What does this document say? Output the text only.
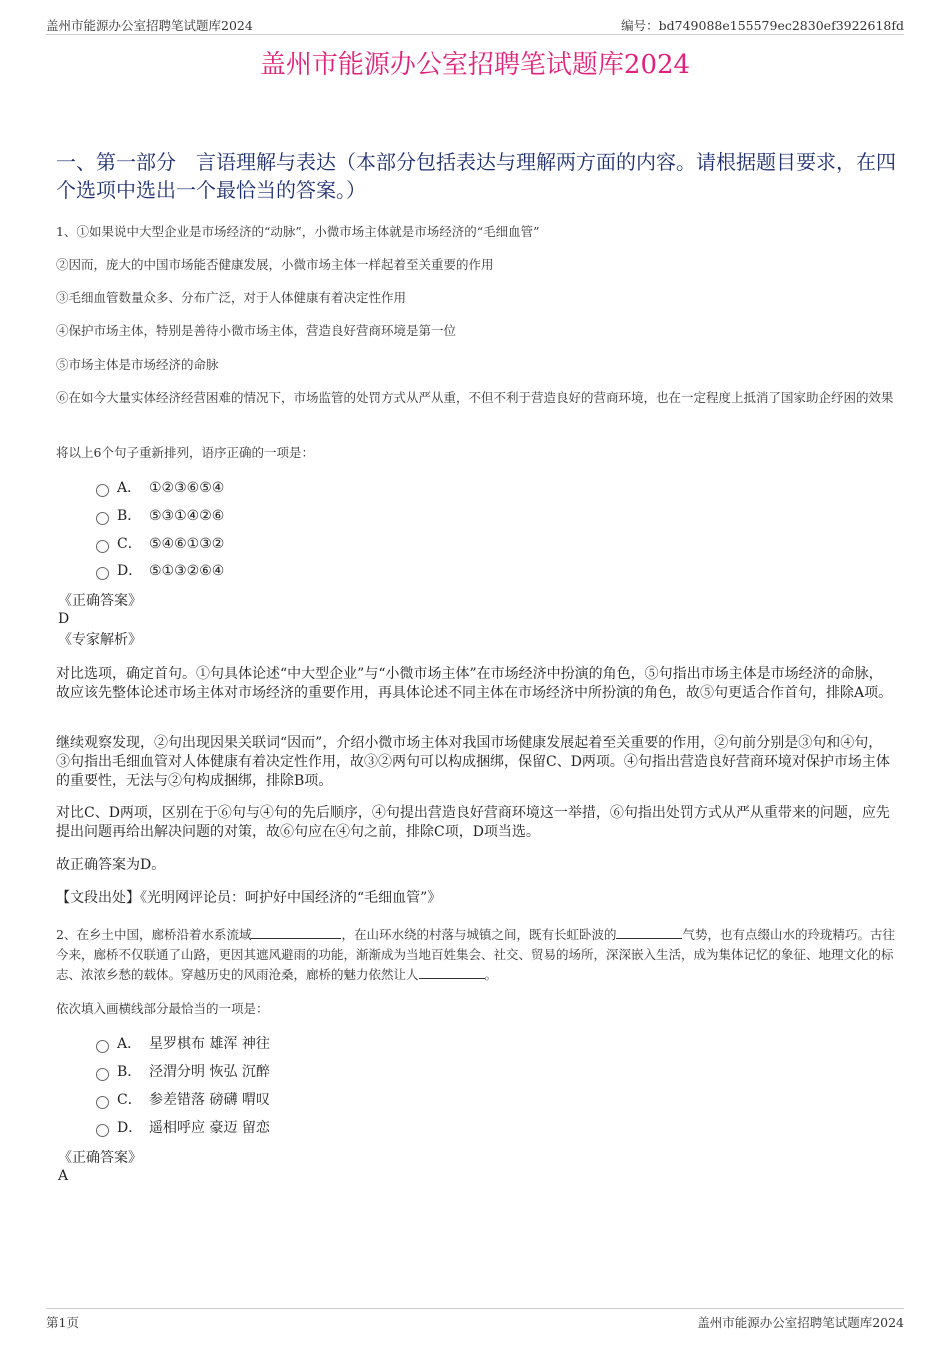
盖州市能源办公室招聘笔试题库2024	编号：bd749088e155579ec2830ef3922618fd
盖州市能源办公室招聘笔试题库2024
一、第一部分　言语理解与表达（本部分包括表达与理解两方面的内容。请根据题目要求，在四个选项中选出一个最恰当的答案。）
1、①如果说中大型企业是市场经济的“动脉”，小微市场主体就是市场经济的“毛细血管”
②因而，庞大的中国市场能否健康发展，小微市场主体一样起着至关重要的作用
③毛细血管数量众多、分布广泛，对于人体健康有着决定性作用
④保护市场主体，特别是善待小微市场主体，营造良好营商环境是第一位
⑤市场主体是市场经济的命脉
⑥在如今大量实体经济经营困难的情况下，市场监管的处罚方式从严从重，不但不利于营造良好的营商环境，也在一定程度上抵消了国家助企纾困的效果
将以上6个句子重新排列，语序正确的一项是：
A． ①②③⑥⑤④
B． ⑤③①④②⑥
C． ⑤④⑥①③②
D． ⑤①③②⑥④
《正确答案》
D
《专家解析》
对比选项，确定首句。①句具体论述“中大型企业”与“小微市场主体”在市场经济中扮演的角色，⑤句指出市场主体是市场经济的命脉，故应该先整体论述市场主体对市场经济的重要作用，再具体论述不同主体在市场经济中所扮演的角色，故⑤句更适合作首句，排除A项。
继续观察发现，②句出现因果关联词“因而”，介绍小微市场主体对我国市场健康发展起着至关重要的作用，②句前分别是③句和④句，③句指出毛细血管对人体健康有着决定性作用，故③②两句可以构成捆绑，保留C、D两项。④句指出营造良好营商环境对保护市场主体的重要性，无法与②句构成捆绑，排除B项。
对比C、D两项，区别在于⑥句与④句的先后顺序，④句提出营造良好营商环境这一举措，⑥句指出处罚方式从严从重带来的问题，应先提出问题再给出解决问题的对策，故⑥句应在④句之前，排除C项，D项当选。
故正确答案为D。
【文段出处】《光明网评论员：呵护好中国经济的“毛细血管”》
2、在乡土中国，廊桥沿着水系流域	，在山环水绕的村落与城镇之间，既有长虹卧波的	气势，也有点缀山水的玲珑精巧。古往今来，廊桥不仅联通了山路，更因其遮风避雨的功能，渐渐成为当地百姓集会、社交、贸易的场所，深深嵌入生活，成为集体记忆的象征、地理文化的标志、浓浓乡愁的载体。穿越历史的风雨沧桑，廊桥的魅力依然让人	。
依次填入画横线部分最恰当的一项是：
A． 星罗棋布 雄浑 神往
B． 泾渭分明 恢弘 沉醉
C． 参差错落 磅礴 喟叹
D． 遥相呼应 豪迈 留恋
《正确答案》
A
第1页	盖州市能源办公室招聘笔试题库2024
